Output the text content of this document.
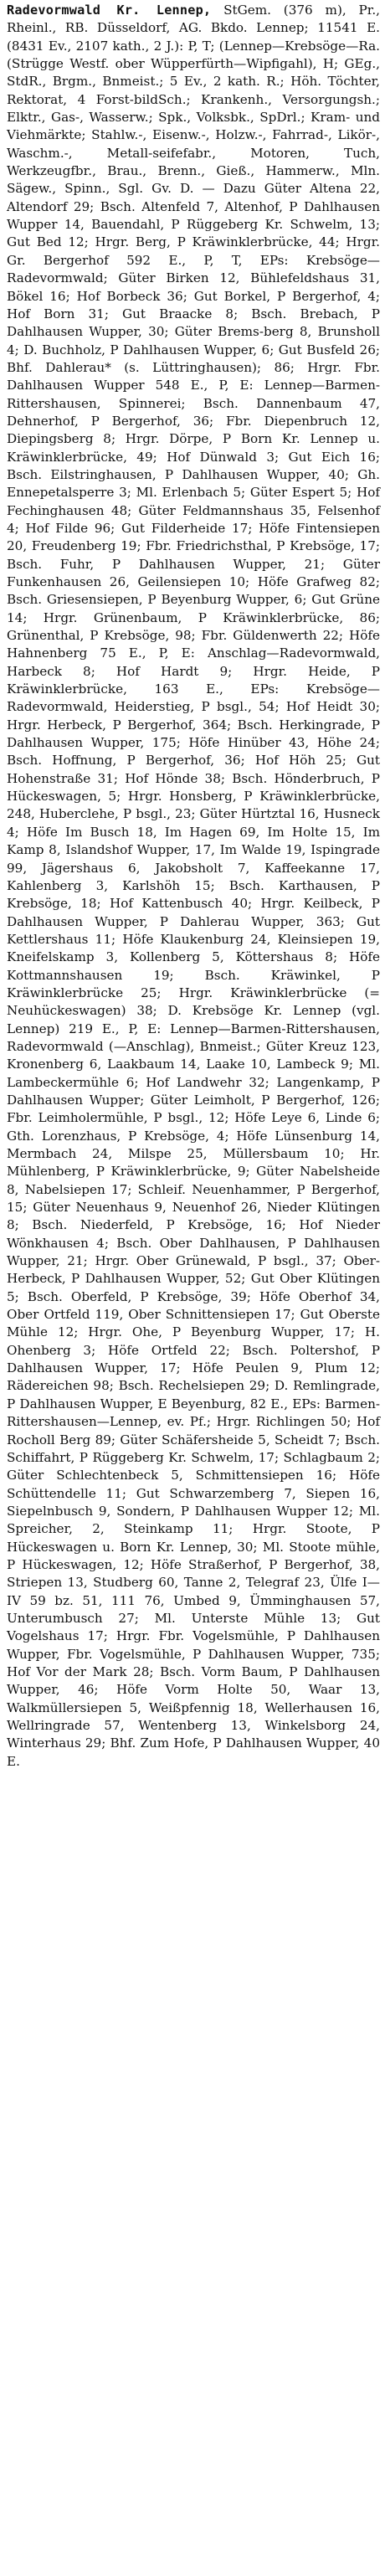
Radevormwald Kr. Lennep, StGem. (376 m), Pr., Rheinl., RB. Düsseldorf, AG. Bkdo. Lennep; 11541 E. (8431 Ev., 2107 kath., 2 J.): P, T; (Lennep—Krebsöge—Ra. (Strügge Westf. ober Wüpperfürth—Wipfigahl), H; GEg., StdR., Brgm., Bnmeist.; 5 Ev., 2 kath. R.; Höh. Töchter, Rektorat, 4 Forst-bildSch.; Krankenh., Versorgungsh.; Elktr., Gas-, Wasserw.; Spk., Volksbk., SpDrl.; Kram- und Viehmärkte; Stahlw.-, Eisenw.-, Holzw.-, Fahrrad-, Likör-, Waschm.-, Metall-seifefabr., Motoren, Tuch, Werkzeugfbr., Brau., Brenn., Gieß., Hammerw., Mln. Sägew., Spinn., Sgl. Gv. D. — Dazu Güter Altena 22, Altendorf 29; Bsch. Altenfeld 7, Altenhof, P Dahlhausen Wupper 14, Bauendahl, P Rüggeberg Kr. Schwelm, 13; Gut Bed 12; Hrgr. Berg, P Kräwinklerbrücke, 44; Hrgr. Gr. Bergerhof 592 E., P, T, EPs: Krebsöge—Radevormwald; Güter Birken 12, Bühlefeldshaus 31, Bökel 16; Hof Borbeck 36; Gut Borkel, P Bergerhof, 4; Hof Born 31; Gut Braacke 8; Bsch. Brebach, P Dahlhausen Wupper, 30; Güter Brems-berg 8, Brunsholl 4; D. Buchholz, P Dahlhausen Wupper, 6; Gut Busfeld 26; Bhf. Dahlerau* (s. Lüttringhausen); 86; Hrgr. Fbr. Dahlhausen Wupper 548 E., P, E: Lennep—Barmen-Rittershausen, Spinnerei; Bsch. Dannenbaum 47, Dehnerhof, P Bergerhof, 36; Fbr. Diepenbruch 12, Diepingsberg 8; Hrgr. Dörpe, P Born Kr. Lennep u. Kräwinklerbrücke, 49; Hof Dünwald 3; Gut Eich 16; Bsch. Eilstringhausen, P Dahlhausen Wupper, 40; Gh. Ennepetalsperre 3; Ml. Erlenbach 5; Güter Espert 5; Hof Fechinghausen 48; Güter Feldmannshaus 35, Felsenhof 4; Hof Filde 96; Gut Filderheide 17; Höfe Fintensiepen 20, Freudenberg 19; Fbr. Friedrichsthal, P Krebsöge, 17; Bsch. Fuhr, P Dahlhausen Wupper, 21; Güter Funkenhausen 26, Geilensiepen 10; Höfe Grafweg 82; Bsch. Griesensiepen, P Beyenburg Wupper, 6; Gut Grüne 14; Hrgr. Grünenbaum, P Kräwinklerbrücke, 86; Grünenthal, P Krebsöge, 98; Fbr. Güldenwerth 22; Höfe Hahnenberg 75 E., P, E: Anschlag—Radevormwald, Harbeck 8; Hof Hardt 9; Hrgr. Heide, P Kräwinklerbrücke, 163 E., EPs: Krebsöge—Radevormwald, Heiderstieg, P bsgl., 54; Hof Heidt 30; Hrgr. Herbeck, P Bergerhof, 364; Bsch. Herkingrade, P Dahlhausen Wupper, 175; Höfe Hinüber 43, Höhe 24; Bsch. Hoffnung, P Bergerhof, 36; Hof Höh 25; Gut Hohenstraße 31; Hof Hönde 38; Bsch. Hönderbruch, P Hückeswagen, 5; Hrgr. Honsberg, P Kräwinklerbrücke, 248, Huberclehe, P bsgl., 23; Güter Hürtztal 16, Husneck 4; Höfe Im Busch 18, Im Hagen 69, Im Holte 15, Im Kamp 8, Islandshof Wupper, 17, Im Walde 19, Ispingrade 99, Jägershaus 6, Jakobsholt 7, Kaffeekanne 17, Kahlenberg 3, Karlshöh 15; Bsch. Karthausen, P Krebsöge, 18; Hof Kattenbusch 40; Hrgr. Keilbeck, P Dahlhausen Wupper, P Dahlerau Wupper, 363; Gut Kettlershaus 11; Höfe Klaukenburg 24, Kleinsiepen 19, Kneifelskamp 3, Kollenberg 5, Köttershaus 8; Höfe Kottmannshausen 19; Bsch. Kräwinkel, P Kräwinklerbrücke 25; Hrgr. Kräwinklerbrücke (= Neuhückeswagen) 38; D. Krebsöge Kr. Lennep (vgl. Lennep) 219 E., P, E: Lennep—Barmen-Rittershausen, Radevormwald (—Anschlag), Bnmeist.; Güter Kreuz 123, Kronenberg 6, Laakbaum 14, Laake 10, Lambeck 9; Ml. Lambeckermühle 6; Hof Landwehr 32; Langenkamp, P Dahlhausen Wupper; Güter Leimholt, P Bergerhof, 126; Fbr. Leimholermühle, P bsgl., 12; Höfe Leye 6, Linde 6; Gth. Lorenzhaus, P Krebsöge, 4; Höfe Lünsenburg 14, Mermbach 24, Milspe 25, Müllersbaum 10; Hr. Mühlenberg, P Kräwinklerbrücke, 9; Güter Nabelsheide 8, Nabelsiepen 17; Schleif. Neuenhammer, P Bergerhof, 15; Güter Neuenhaus 9, Neuenhof 26, Nieder Klütingen 8; Bsch. Niederfeld, P Krebsöge, 16; Hof Nieder Wönkhausen 4; Bsch. Ober Dahlhausen, P Dahlhausen Wupper, 21; Hrgr. Ober Grünewald, P bsgl., 37; Ober-Herbeck, P Dahlhausen Wupper, 52; Gut Ober Klütingen 5; Bsch. Oberfeld, P Krebsöge, 39; Höfe Oberhof 34, Ober Ortfeld 119, Ober Schnittensiepen 17; Gut Oberste Mühle 12; Hrgr. Ohe, P Beyenburg Wupper, 17; H. Ohenberg 3; Höfe Ortfeld 22; Bsch. Poltershof, P Dahlhausen Wupper, 17; Höfe Peulen 9, Plum 12; Rädereichen 98; Bsch. Rechelsiepen 29; D. Remlingrade, P Dahlhausen Wupper, E Beyenburg, 82 E., EPs: Barmen-Rittershausen—Lennep, ev. Pf.; Hrgr. Richlingen 50; Hof Rocholl Berg 89; Güter Schäfersheide 5, Scheidt 7; Bsch. Schiffahrt, P Rüggeberg Kr. Schwelm, 17; Schlagbaum 2; Güter Schlechtenbeck 5, Schmittensiepen 16; Höfe Schüttendelle 11; Gut Schwarzemberg 7, Siepen 16, Siepelnbusch 9, Sondern, P Dahlhausen Wupper 12; Ml. Spreicher, 2, Steinkamp 11; Hrgr. Stoote, P Hückeswagen u. Born Kr. Lennep, 30; Ml. Stoote mühle, P Hückeswagen, 12; Höfe Straßerhof, P Bergerhof, 38, Striepen 13, Studberg 60, Tanne 2, Telegraf 23, Ülfe I—IV 59 bz. 51, 111 76, Umbed 9, Ümminghausen 57, Unterumbusch 27; Ml. Unterste Mühle 13; Gut Vogelshaus 17; Hrgr. Fbr. Vogelsmühle, P Dahlhausen Wupper, Fbr. Vogelsmühle, P Dahlhausen Wupper, 735; Hof Vor der Mark 28; Bsch. Vorm Baum, P Dahlhausen Wupper, 46; Höfe Vorm Holte 50, Waar 13, Walkmüllersiepen 5, Weißpfennig 18, Wellerhausen 16, Wellringrade 57, Wentenberg 13, Winkelsborg 24, Winterhaus 29; Bhf. Zum Hofe, P Dahlhausen Wupper, 40 E.
